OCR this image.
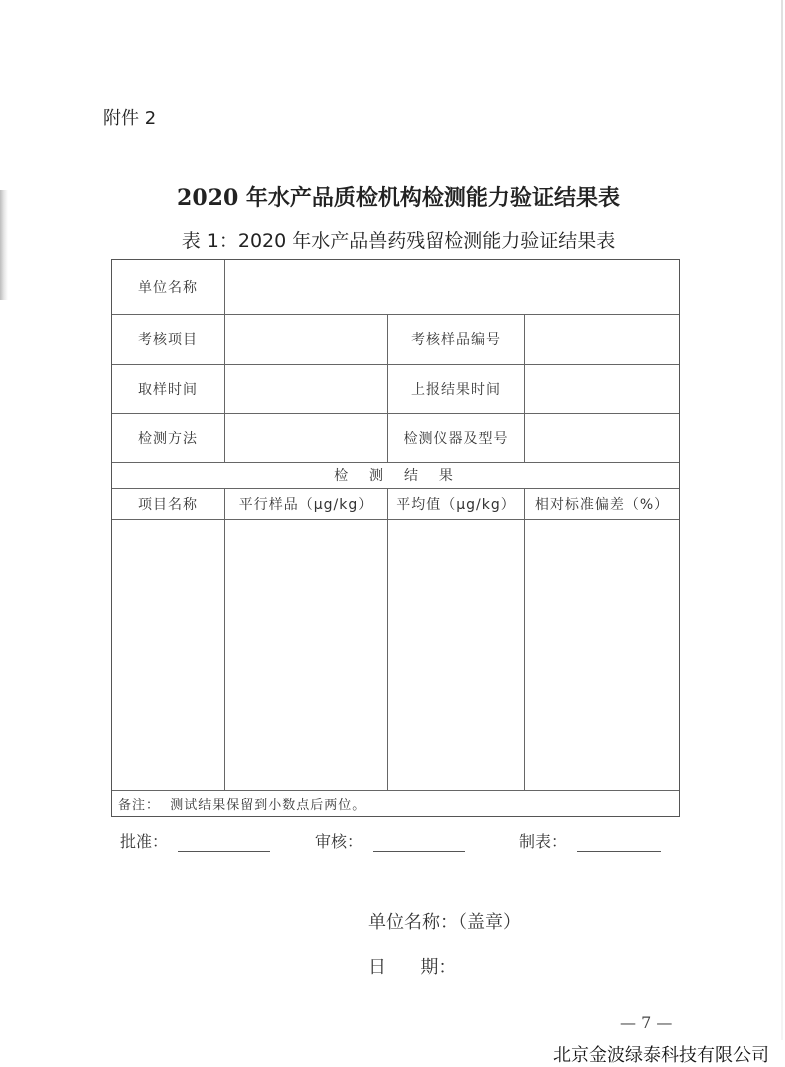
附件 2
2020 年水产品质检机构检测能力验证结果表
表 1：2020 年水产品兽药残留检测能力验证结果表
单位名称
考核项目	考核样品编号
取样时间	上报结果时间
检测方法	检测仪器及型号
检  测  结  果
项目名称	平行样品（μg/kg）	平均值（μg/kg）	相对标准偏差（%）
备注：  测试结果保留到小数点后两位。
批准：	审核：	制表：
单位名称：（盖章）
日      期：
— 7 —
北京金波绿泰科技有限公司
